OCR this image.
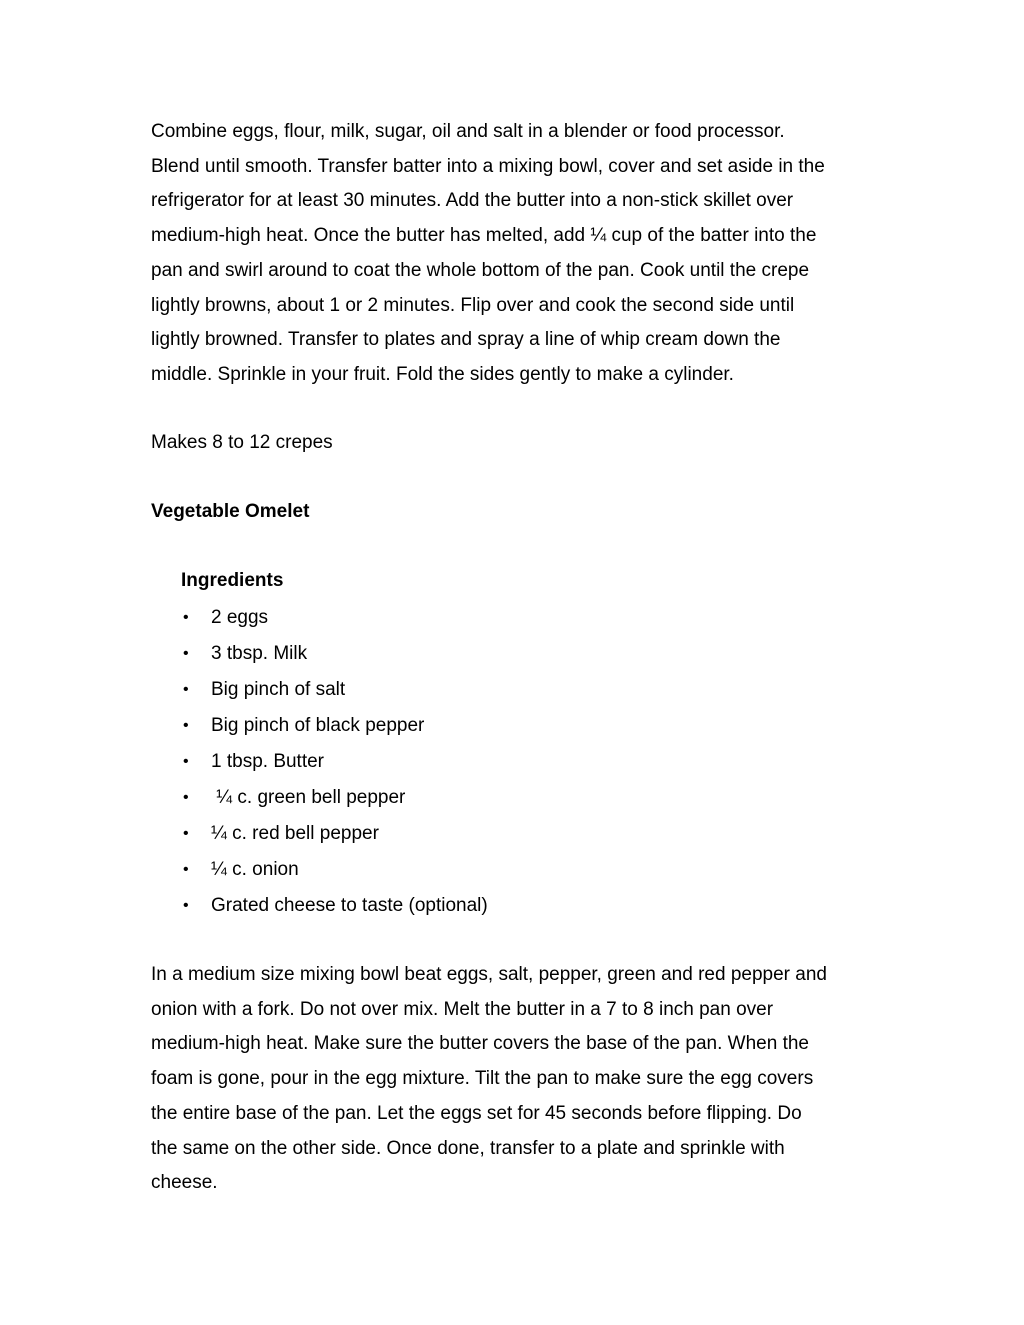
Combine eggs, flour, milk, sugar, oil and salt in a blender or food processor.
Blend until smooth. Transfer batter into a mixing bowl, cover and set aside in the
refrigerator for at least 30 minutes. Add the butter into a non-stick skillet over
medium-high heat. Once the butter has melted, add ¼ cup of the batter into the
pan and swirl around to coat the whole bottom of the pan. Cook until the crepe
lightly browns, about 1 or 2 minutes. Flip over and cook the second side until
lightly browned. Transfer to plates and spray a line of whip cream down the
middle. Sprinkle in your fruit. Fold the sides gently to make a cylinder.

Makes 8 to 12 crepes

Vegetable Omelet
Ingredients
• 2 eggs
• 3 tbsp. Milk
• Big pinch of salt
• Big pinch of black pepper
• 1 tbsp. Butter
• ¼ c. green bell pepper
• ¼ c. red bell pepper
• ¼ c. onion
• Grated cheese to taste (optional)

In a medium size mixing bowl beat eggs, salt, pepper, green and red pepper and
onion with a fork. Do not over mix. Melt the butter in a 7 to 8 inch pan over
medium-high heat. Make sure the butter covers the base of the pan. When the
foam is gone, pour in the egg mixture. Tilt the pan to make sure the egg covers
the entire base of the pan. Let the eggs set for 45 seconds before flipping. Do
the same on the other side. Once done, transfer to a plate and sprinkle with
cheese.
